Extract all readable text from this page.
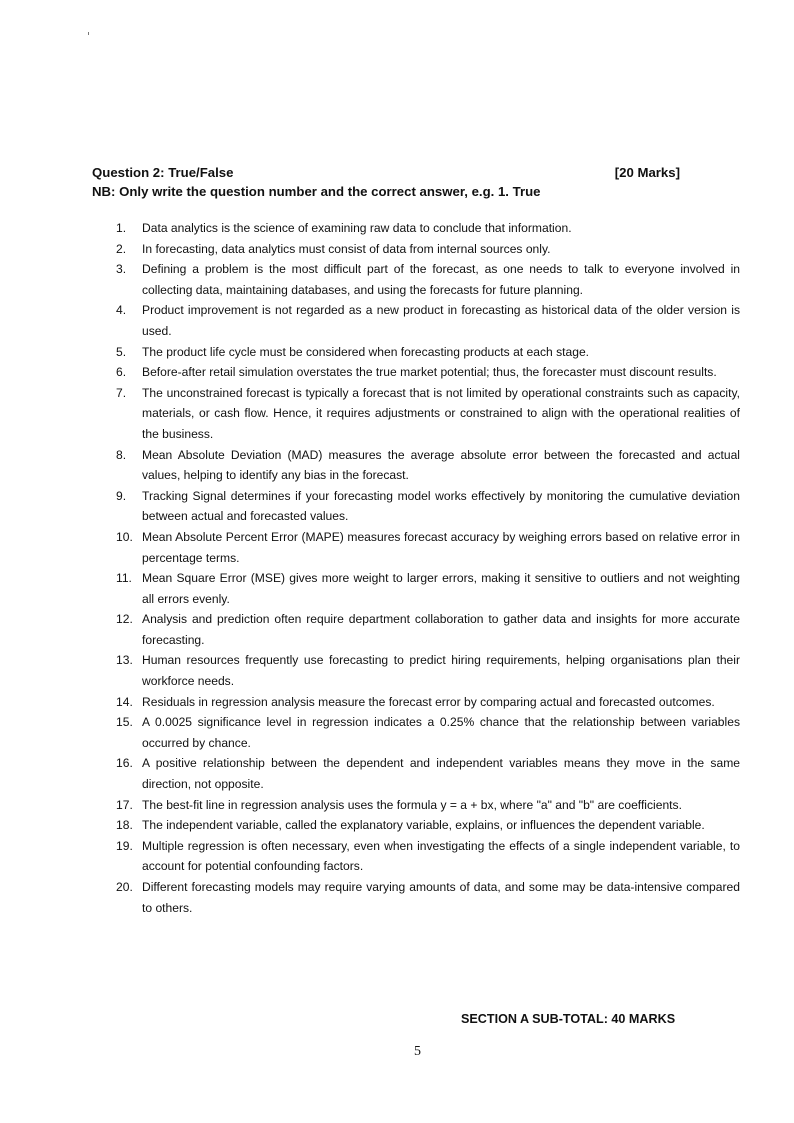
Question 2: True/False	[20 Marks]
NB: Only write the question number and the correct answer, e.g. 1. True
1.	Data analytics is the science of examining raw data to conclude that information.
2.	In forecasting, data analytics must consist of data from internal sources only.
3.	Defining a problem is the most difficult part of the forecast, as one needs to talk to everyone involved in collecting data, maintaining databases, and using the forecasts for future planning.
4.	Product improvement is not regarded as a new product in forecasting as historical data of the older version is used.
5.	The product life cycle must be considered when forecasting products at each stage.
6.	Before-after retail simulation overstates the true market potential; thus, the forecaster must discount results.
7.	The unconstrained forecast is typically a forecast that is not limited by operational constraints such as capacity, materials, or cash flow. Hence, it requires adjustments or constrained to align with the operational realities of the business.
8.	Mean Absolute Deviation (MAD) measures the average absolute error between the forecasted and actual values, helping to identify any bias in the forecast.
9.	Tracking Signal determines if your forecasting model works effectively by monitoring the cumulative deviation between actual and forecasted values.
10. Mean Absolute Percent Error (MAPE) measures forecast accuracy by weighing errors based on relative error in percentage terms.
11. Mean Square Error (MSE) gives more weight to larger errors, making it sensitive to outliers and not weighting all errors evenly.
12. Analysis and prediction often require department collaboration to gather data and insights for more accurate forecasting.
13. Human resources frequently use forecasting to predict hiring requirements, helping organisations plan their workforce needs.
14. Residuals in regression analysis measure the forecast error by comparing actual and forecasted outcomes.
15. A 0.0025 significance level in regression indicates a 0.25% chance that the relationship between variables occurred by chance.
16. A positive relationship between the dependent and independent variables means they move in the same direction, not opposite.
17. The best-fit line in regression analysis uses the formula y = a + bx, where "a" and "b" are coefficients.
18. The independent variable, called the explanatory variable, explains, or influences the dependent variable.
19. Multiple regression is often necessary, even when investigating the effects of a single independent variable, to account for potential confounding factors.
20. Different forecasting models may require varying amounts of data, and some may be data-intensive compared to others.
SECTION A SUB-TOTAL: 40 MARKS
5
